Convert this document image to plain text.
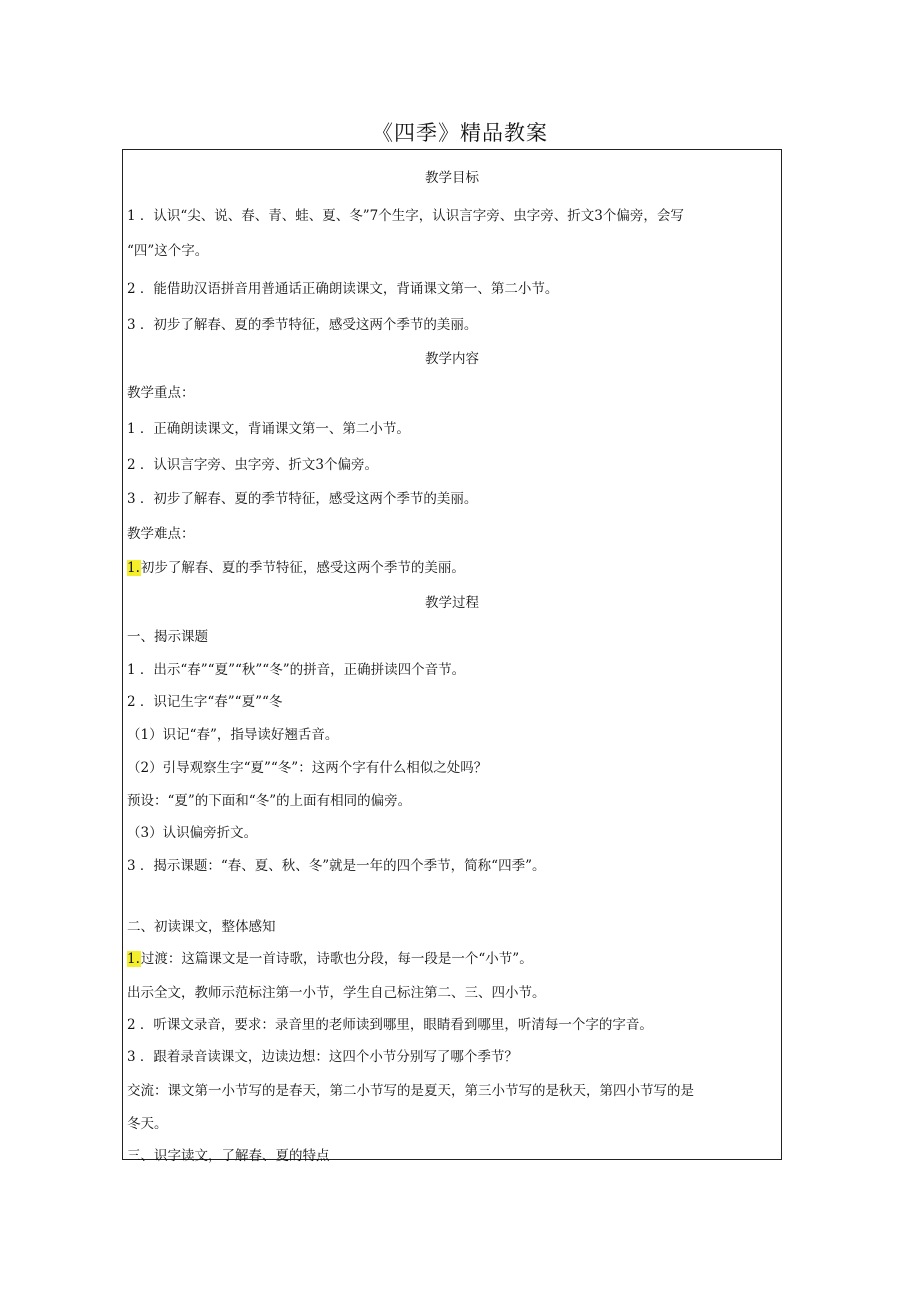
《四季》精品教案
教学目标
1 ．认识“尖、说、春、青、蛙、夏、冬”7个生字，认识言字旁、虫字旁、折文3个偏旁，会写
“四”这个字。
2 ．能借助汉语拼音用普通话正确朗读课文，背诵课文第一、第二小节。
3 ．初步了解春、夏的季节特征，感受这两个季节的美丽。
教学内容
教学重点：
1 ．正确朗读课文，背诵课文第一、第二小节。
2 ．认识言字旁、虫字旁、折文3个偏旁。
3 ．初步了解春、夏的季节特征，感受这两个季节的美丽。
教学难点：
1.初步了解春、夏的季节特征，感受这两个季节的美丽。
教学过程
一、揭示课题
1 ．出示“春”“夏”“秋”“冬”的拼音，正确拼读四个音节。
2 ．识记生字“春”“夏”“冬
（1）识记“春”，指导读好翘舌音。
（2）引导观察生字“夏”“冬”：这两个字有什么相似之处吗？
预设：“夏”的下面和“冬”的上面有相同的偏旁。
（3）认识偏旁折文。
3 ．揭示课题：“春、夏、秋、冬”就是一年的四个季节，简称“四季”。
二、初读课文，整体感知
1.过渡：这篇课文是一首诗歌，诗歌也分段，每一段是一个“小节”。
出示全文，教师示范标注第一小节，学生自己标注第二、三、四小节。
2 ．听课文录音，要求：录音里的老师读到哪里，眼睛看到哪里，听清每一个字的字音。
3 ．跟着录音读课文，边读边想：这四个小节分别写了哪个季节？
交流：课文第一小节写的是春天，第二小节写的是夏天，第三小节写的是秋天，第四小节写的是
冬天。
三、识字读文，了解春、夏的特点
